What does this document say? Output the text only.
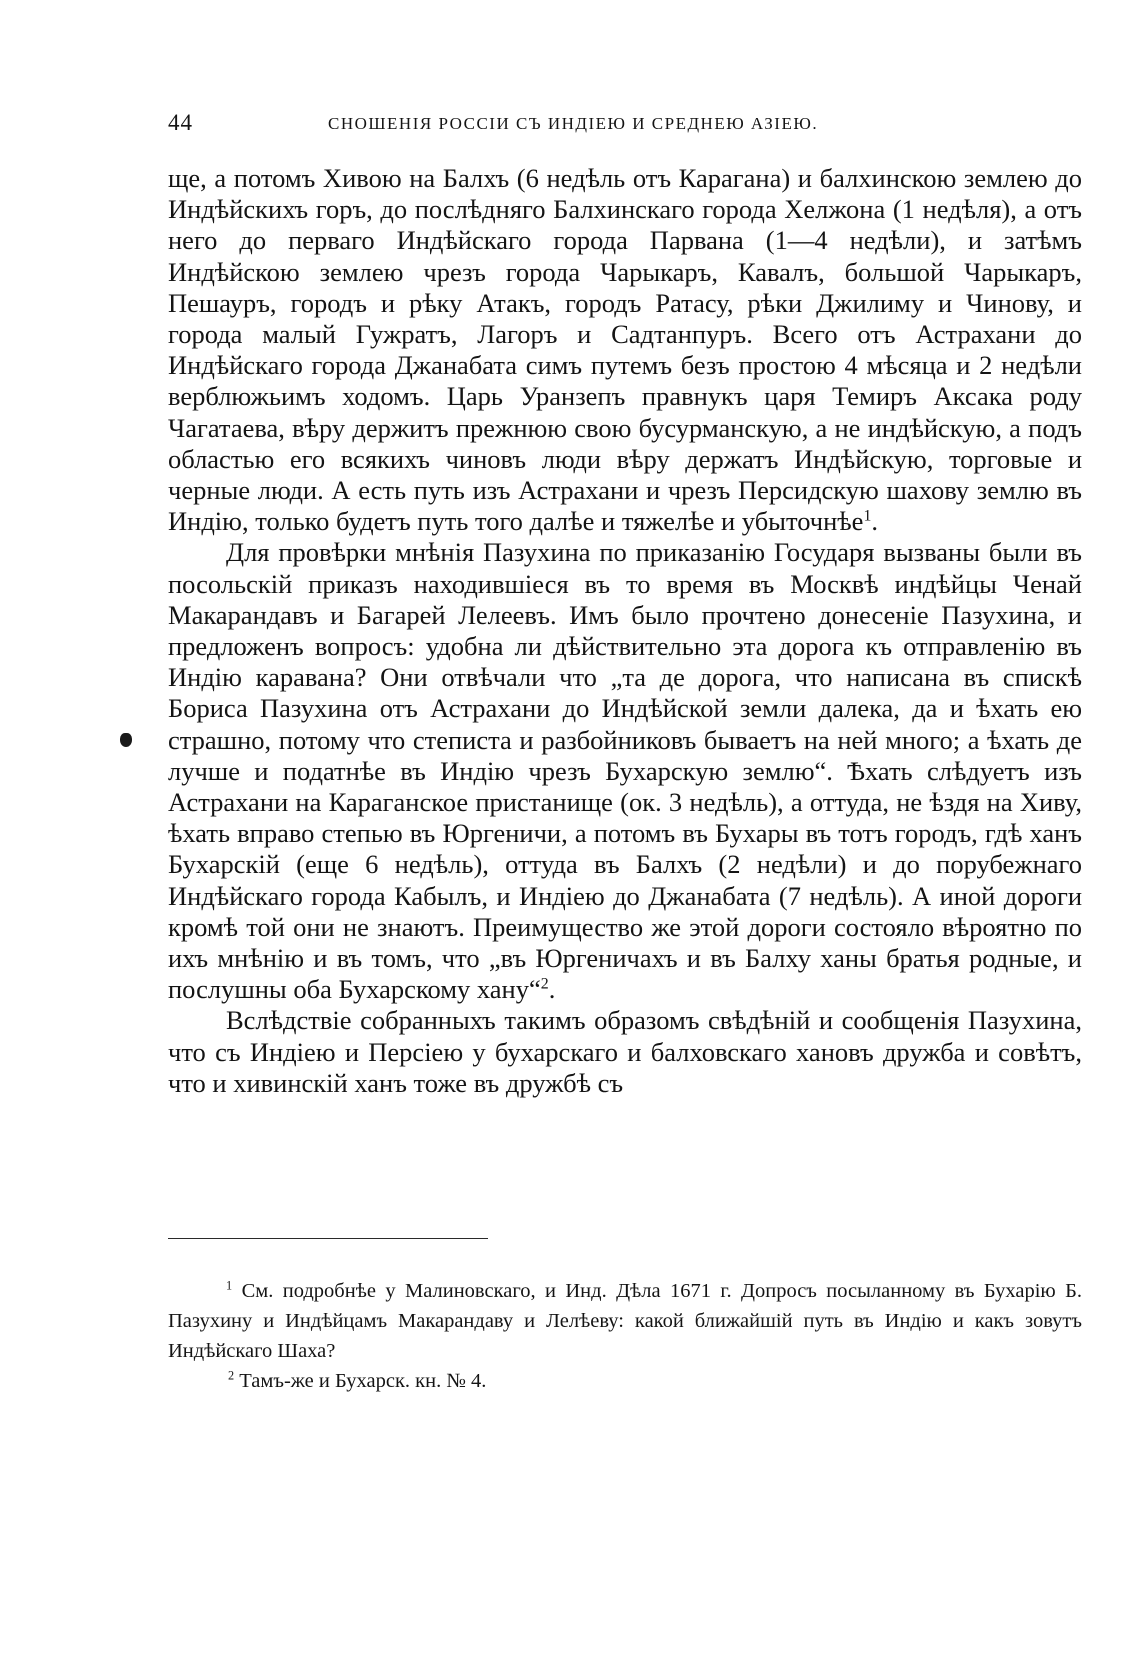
44	СНОШЕНІЯ РОССІИ СЪ ИНДІЕЮ И СРЕДНЕЮ АЗІЕЮ.

ще, а потомъ Хивою на Балхъ (6 недѣль отъ Карагана) и балхинскою землею до Индѣйскихъ горъ, до послѣдняго Балхинскаго города Хелжона (1 недѣля), а отъ него до перваго Индѣйскаго города Парвана (1—4 недѣли), и затѣмъ Индѣйскою землею чрезъ города Чарыкаръ, Кавалъ, большой Чарыкаръ, Пешауръ, городъ и рѣку Атакъ, городъ Ратасу, рѣки Джилиму и Чинову, и города малый Гужратъ, Лагоръ и Садтанпуръ. Всего отъ Астрахани до Индѣйскаго города Джанабата симъ путемъ безъ простою 4 мѣсяца и 2 недѣли верблюжьимъ ходомъ. Царь Уранзепъ правнукъ царя Темиръ Аксака роду Чагатаева, вѣру держитъ прежнюю свою бусурманскую, а не индѣйскую, а подъ областью его всякихъ чиновъ люди вѣру держатъ Индѣйскую, торговые и черные люди. А есть путь изъ Астрахани и чрезъ Персидскую шахову землю въ Индію, только будетъ путь того далѣе и тяжелѣе и убыточнѣе$^1$.

Для провѣрки мнѣнія Пазухина по приказанію Государя вызваны были въ посольскій приказъ находившіеся въ то время въ Москвѣ индѣйцы Ченай Макарандавъ и Багарей Лелеевъ. Имъ было прочтено донесеніе Пазухина, и предложенъ вопросъ: удобна ли дѣйствительно эта дорога къ отправленію въ Индію каравана? Они отвѣчали что „та де дорога, что написана въ спискѣ Бориса Пазухина отъ Астрахани до Индѣйской земли далека, да и ѣхать ею страшно, потому что степиста и разбойниковъ бываетъ на ней много; а ѣхать де лучше и податнѣе въ Индію чрезъ Бухарскую землю“. Ѣхать слѣдуетъ изъ Астрахани на Караганское пристанище (ок. 3 недѣль), а оттуда, не ѣздя на Хиву, ѣхать вправо степью въ Юргеничи, а потомъ въ Бухары въ тотъ городъ, гдѣ ханъ Бухарскій (еще 6 недѣль), оттуда въ Балхъ (2 недѣли) и до порубежнаго Индѣйскаго города Кабылъ, и Индіею до Джанабата (7 недѣль). А иной дороги кромѣ той они не знаютъ. Преимущество же этой дороги состояло вѣроятно по ихъ мнѣнію и въ томъ, что „въ Юргеничахъ и въ Балху ханы братья родные, и послушны оба Бухарскому хану“$^2$.

Вслѣдствіе собранныхъ такимъ образомъ свѣдѣній и сообщенія Пазухина, что съ Индіею и Персіею у бухарскаго и балховскаго хановъ дружба и совѣтъ, что и хивинскій ханъ тоже въ дружбѣ съ

$^1$ См. подробнѣе у Малиновскаго, и Инд. Дѣла 1671 г. Допросъ посыланному въ Бухарію Б. Пазухину и Индѣйцамъ Макарандаву и Лелѣеву: какой ближайшій путь въ Индію и какъ зовутъ Индѣйскаго Шаха?

$^2$ Тамъ-же и Бухарск. кн. № 4.
